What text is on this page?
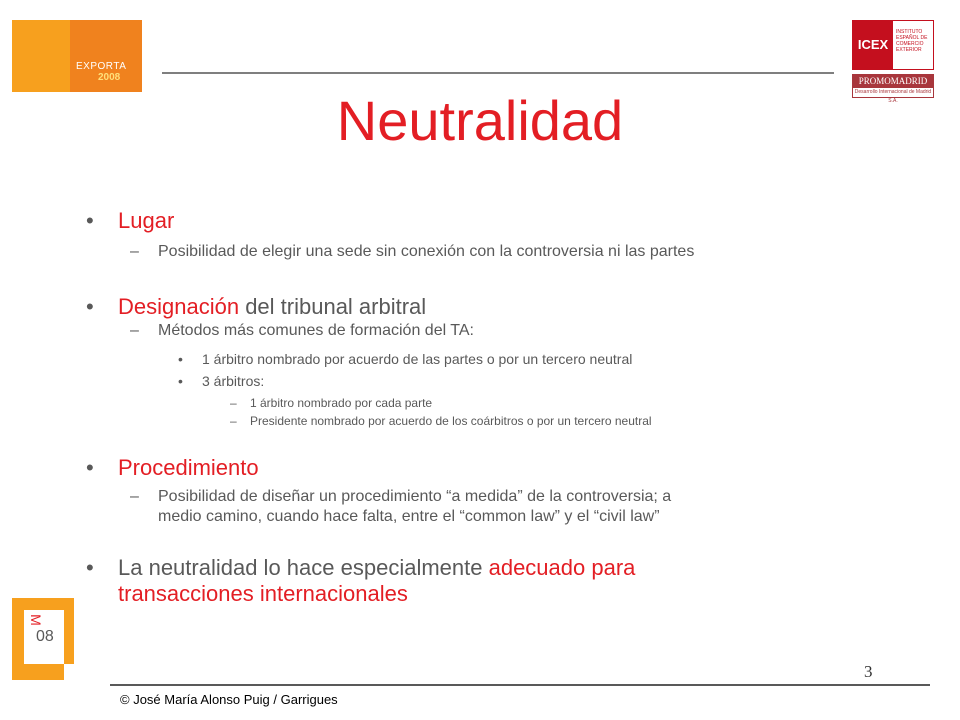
EXPORTA
2008
ICEX
INSTITUTO ESPAÑOL DE COMERCIO EXTERIOR
PROMOMADRID
Desarrollo Internacional de Madrid S.A.
Neutralidad
• Lugar
– Posibilidad de elegir una sede sin conexión con la controversia ni las partes
• Designación del tribunal arbitral
– Métodos más comunes de formación del TA:
• 1 árbitro nombrado por acuerdo de las partes o por un tercero neutral
• 3 árbitros:
– 1 árbitro nombrado por cada parte
– Presidente nombrado por acuerdo de los coárbitros o por un tercero neutral
• Procedimiento
– Posibilidad de diseñar un procedimiento “a medida” de la controversia; a
medio camino, cuando hace falta, entre el “common law” y el “civil law”
• La neutralidad lo hace especialmente adecuado para
transacciones internacionales
M
08
3
© José María Alonso Puig / Garrigues
